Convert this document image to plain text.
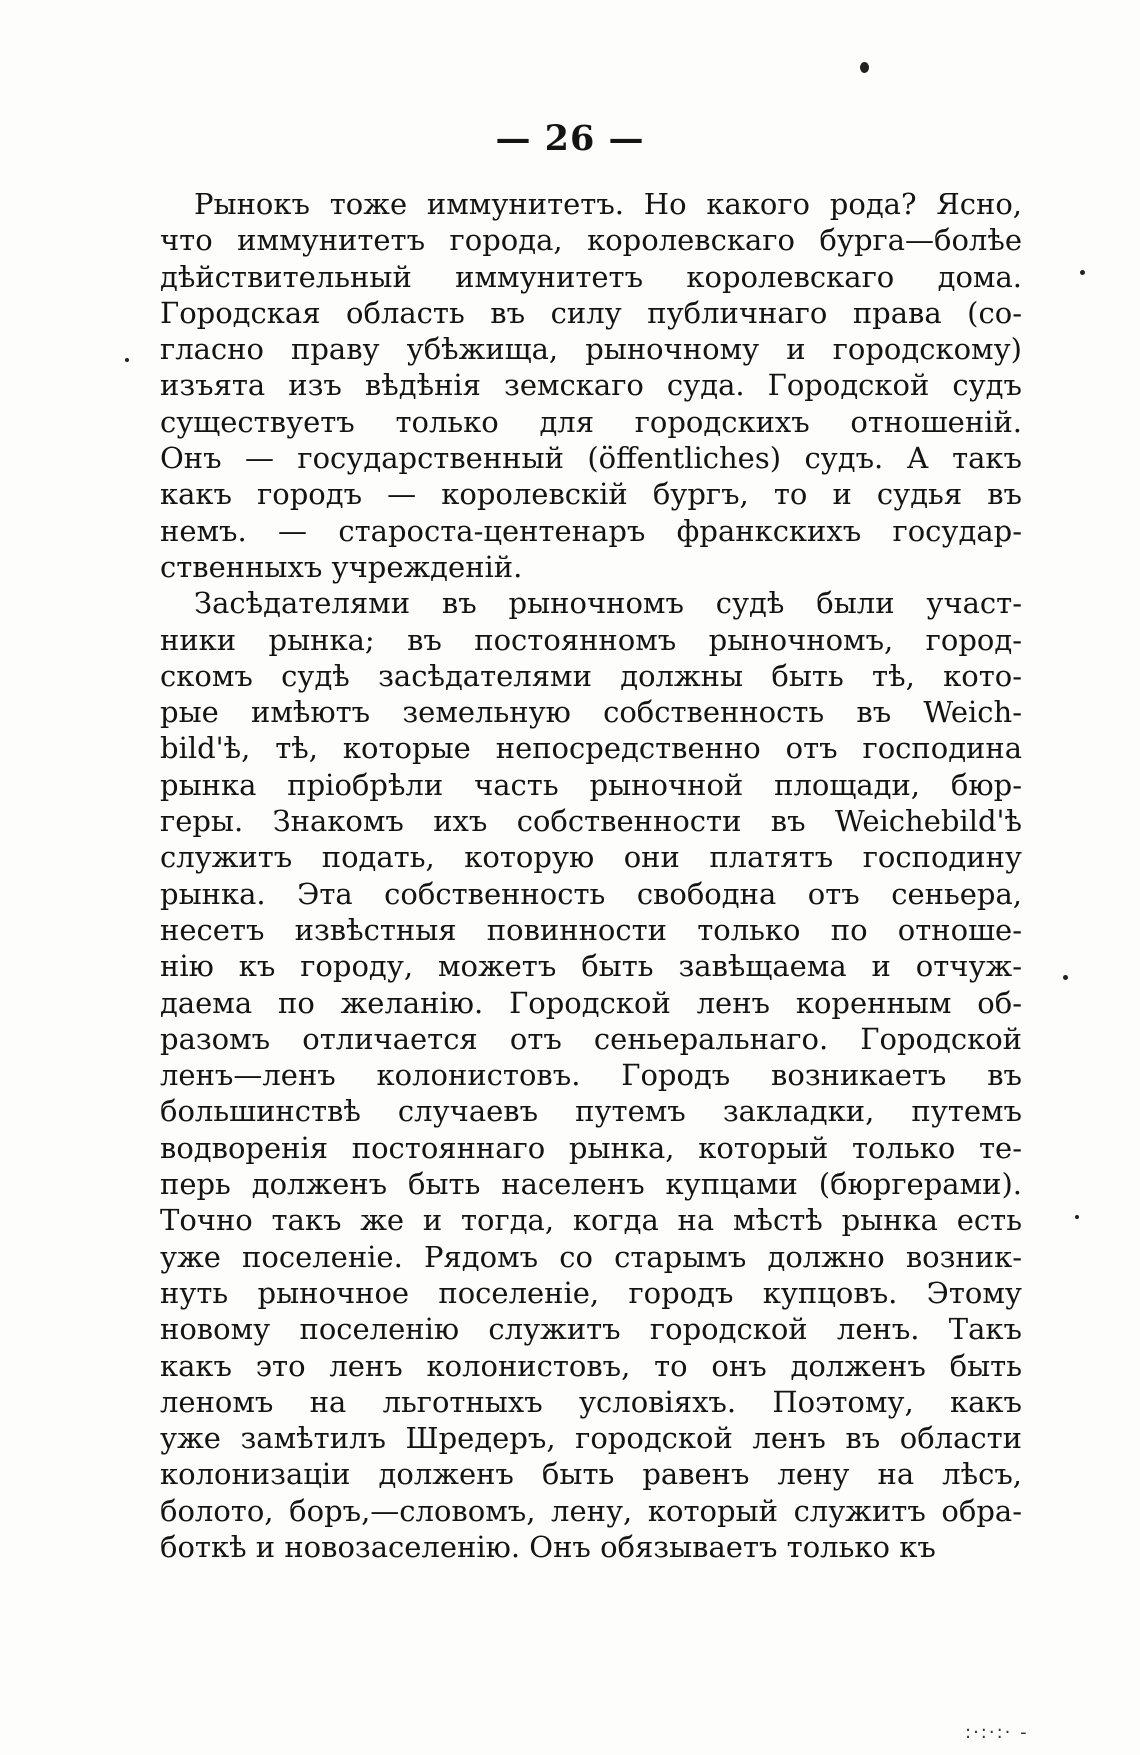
— 26 —
Рынокъ тоже иммунитетъ. Но какого рода? Ясно,
что иммунитетъ города, королевскаго бурга—болѣе
дѣйствительный иммунитетъ королевскаго дома.
Городская область въ силу публичнаго права (со-
гласно праву убѣжища, рыночному и городскому)
изъята изъ вѣдѣнія земскаго суда. Городской судъ
существуетъ только для городскихъ отношеній.
Онъ — государственный (öffentliches) судъ. А такъ
какъ городъ — королевскій бургъ, то и судья въ
немъ. — староста-центенаръ франкскихъ государ-
ственныхъ учрежденій.
Засѣдателями въ рыночномъ судѣ были участ-
ники рынка; въ постоянномъ рыночномъ, город-
скомъ судѣ засѣдателями должны быть тѣ, кото-
рые имѣютъ земельную собственность въ Weich-
bild'ѣ, тѣ, которые непосредственно отъ господина
рынка пріобрѣли часть рыночной площади, бюр-
геры. Знакомъ ихъ собственности въ Weichebild'ѣ
служитъ подать, которую они платятъ господину
рынка. Эта собственность свободна отъ сеньера,
несетъ извѣстныя повинности только по отноше-
нію къ городу, можетъ быть завѣщаема и отчуж-
даема по желанію. Городской ленъ коренным об-
разомъ отличается отъ сеньеральнаго. Городской
ленъ—ленъ колонистовъ. Городъ возникаетъ въ
большинствѣ случаевъ путемъ закладки, путемъ
водворенія постояннаго рынка, который только те-
перь долженъ быть населенъ купцами (бюргерами).
Точно такъ же и тогда, когда на мѣстѣ рынка есть
уже поселеніе. Рядомъ со старымъ должно возник-
нуть рыночное поселеніе, городъ купцовъ. Этому
новому поселенію служитъ городской ленъ. Такъ
какъ это ленъ колонистовъ, то онъ долженъ быть
леномъ на льготныхъ условіяхъ. Поэтому, какъ
уже замѣтилъ Шредеръ, городской ленъ въ области
колонизаціи долженъ быть равенъ лену на лѣсъ,
болото, боръ,—словомъ, лену, который служитъ обра-
боткѣ и новозаселенію. Онъ обязываетъ только къ
:·:·:· -
